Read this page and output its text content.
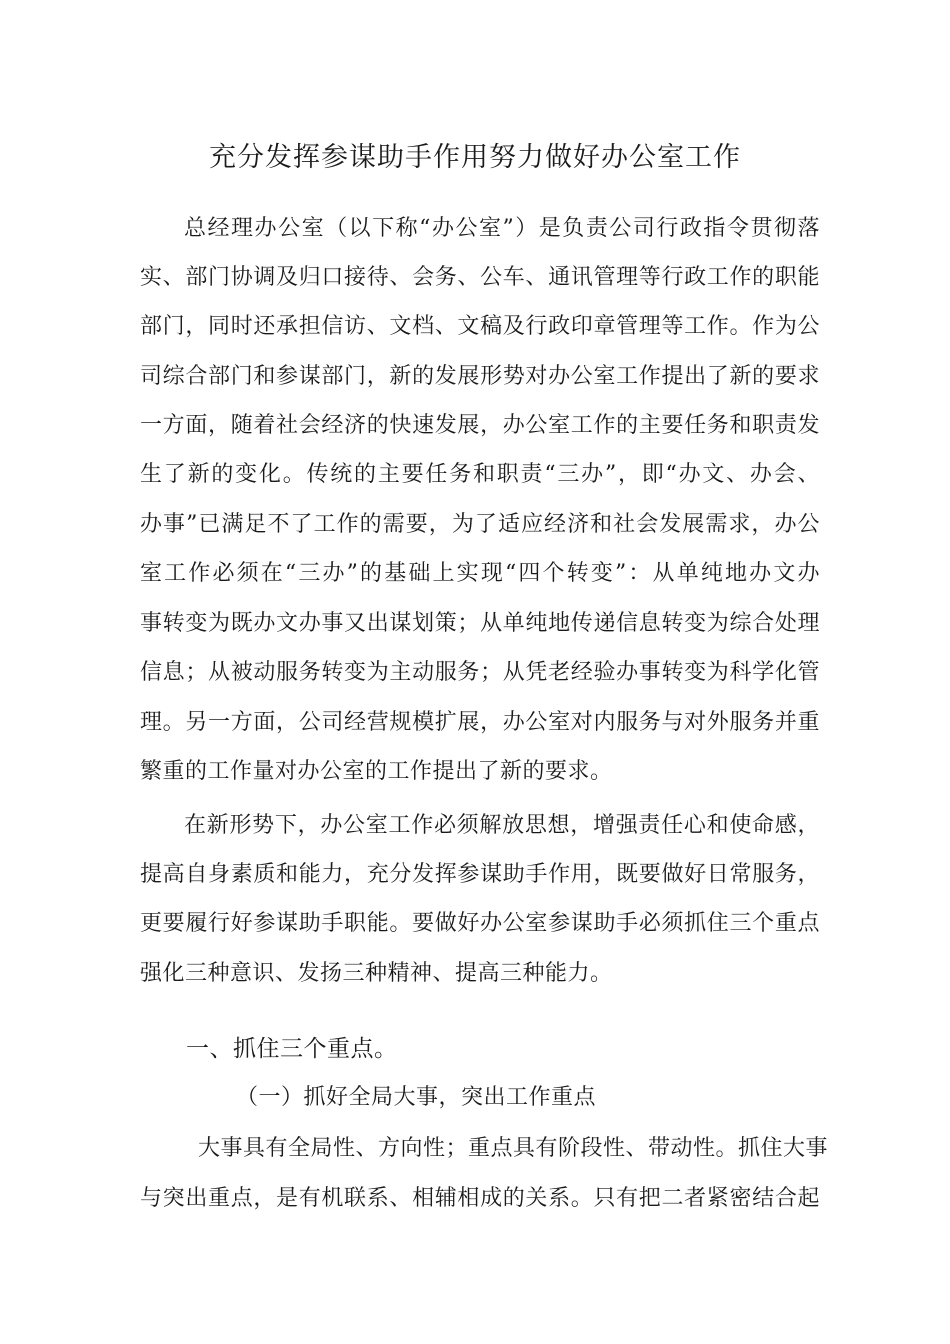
充分发挥参谋助手作用努力做好办公室工作
总经理办公室（以下称“办公室”）是负责公司行政指令贯彻落
实、部门协调及归口接待、会务、公车、通讯管理等行政工作的职能
部门，同时还承担信访、文档、文稿及行政印章管理等工作。作为公
司综合部门和参谋部门，新的发展形势对办公室工作提出了新的要求
一方面，随着社会经济的快速发展，办公室工作的主要任务和职责发
生了新的变化。传统的主要任务和职责“三办”，即“办文、办会、
办事”已满足不了工作的需要，为了适应经济和社会发展需求，办公
室工作必须在“三办”的基础上实现“四个转变”：从单纯地办文办
事转变为既办文办事又出谋划策；从单纯地传递信息转变为综合处理
信息；从被动服务转变为主动服务；从凭老经验办事转变为科学化管
理。另一方面，公司经营规模扩展，办公室对内服务与对外服务并重
繁重的工作量对办公室的工作提出了新的要求。
在新形势下，办公室工作必须解放思想，增强责任心和使命感，
提高自身素质和能力，充分发挥参谋助手作用，既要做好日常服务，
更要履行好参谋助手职能。要做好办公室参谋助手必须抓住三个重点
强化三种意识、发扬三种精神、提高三种能力。
一、抓住三个重点。
（一）抓好全局大事，突出工作重点
大事具有全局性、方向性；重点具有阶段性、带动性。抓住大事
与突出重点，是有机联系、相辅相成的关系。只有把二者紧密结合起
